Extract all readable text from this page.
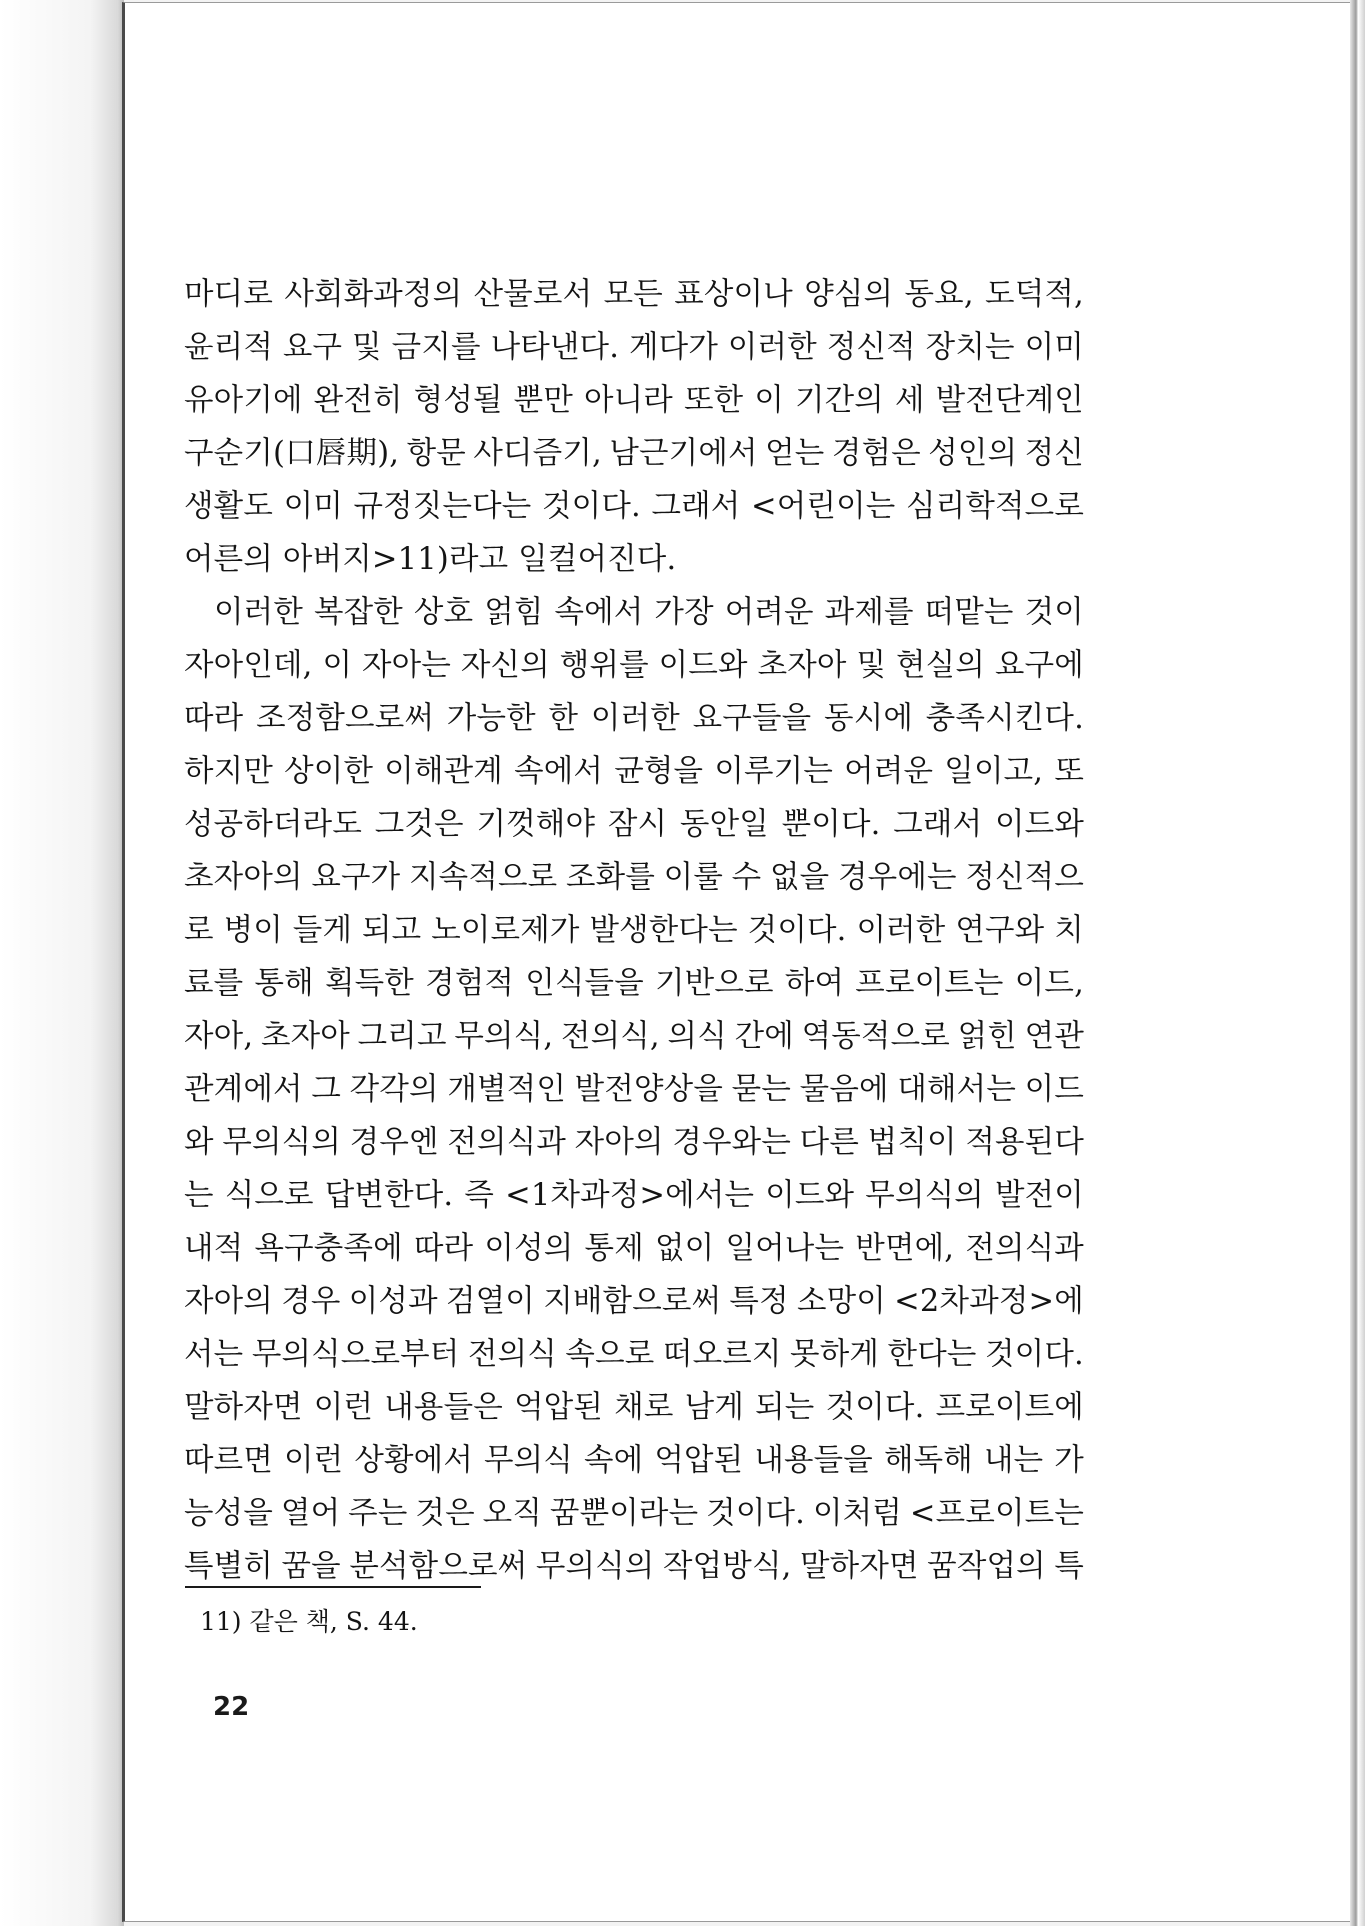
마디로 사회화과정의 산물로서 모든 표상이나 양심의 동요, 도덕적,
윤리적 요구 및 금지를 나타낸다. 게다가 이러한 정신적 장치는 이미
유아기에 완전히 형성될 뿐만 아니라 또한 이 기간의 세 발전단계인
구순기(口唇期), 항문 사디즘기, 남근기에서 얻는 경험은 성인의 정신
생활도 이미 규정짓는다는 것이다. 그래서 <어린이는 심리학적으로
어른의 아버지>11)라고 일컬어진다.
이러한 복잡한 상호 얽힘 속에서 가장 어려운 과제를 떠맡는 것이
자아인데, 이 자아는 자신의 행위를 이드와 초자아 및 현실의 요구에
따라 조정함으로써 가능한 한 이러한 요구들을 동시에 충족시킨다.
하지만 상이한 이해관계 속에서 균형을 이루기는 어려운 일이고, 또
성공하더라도 그것은 기껏해야 잠시 동안일 뿐이다. 그래서 이드와
초자아의 요구가 지속적으로 조화를 이룰 수 없을 경우에는 정신적으
로 병이 들게 되고 노이로제가 발생한다는 것이다. 이러한 연구와 치
료를 통해 획득한 경험적 인식들을 기반으로 하여 프로이트는 이드,
자아, 초자아 그리고 무의식, 전의식, 의식 간에 역동적으로 얽힌 연관
관계에서 그 각각의 개별적인 발전양상을 묻는 물음에 대해서는 이드
와 무의식의 경우엔 전의식과 자아의 경우와는 다른 법칙이 적용된다
는 식으로 답변한다. 즉 <1차과정>에서는 이드와 무의식의 발전이
내적 욕구충족에 따라 이성의 통제 없이 일어나는 반면에, 전의식과
자아의 경우 이성과 검열이 지배함으로써 특정 소망이 <2차과정>에
서는 무의식으로부터 전의식 속으로 떠오르지 못하게 한다는 것이다.
말하자면 이런 내용들은 억압된 채로 남게 되는 것이다. 프로이트에
따르면 이런 상황에서 무의식 속에 억압된 내용들을 해독해 내는 가
능성을 열어 주는 것은 오직 꿈뿐이라는 것이다. 이처럼 <프로이트는
특별히 꿈을 분석함으로써 무의식의 작업방식, 말하자면 꿈작업의 특
11) 같은 책, S. 44.
22
